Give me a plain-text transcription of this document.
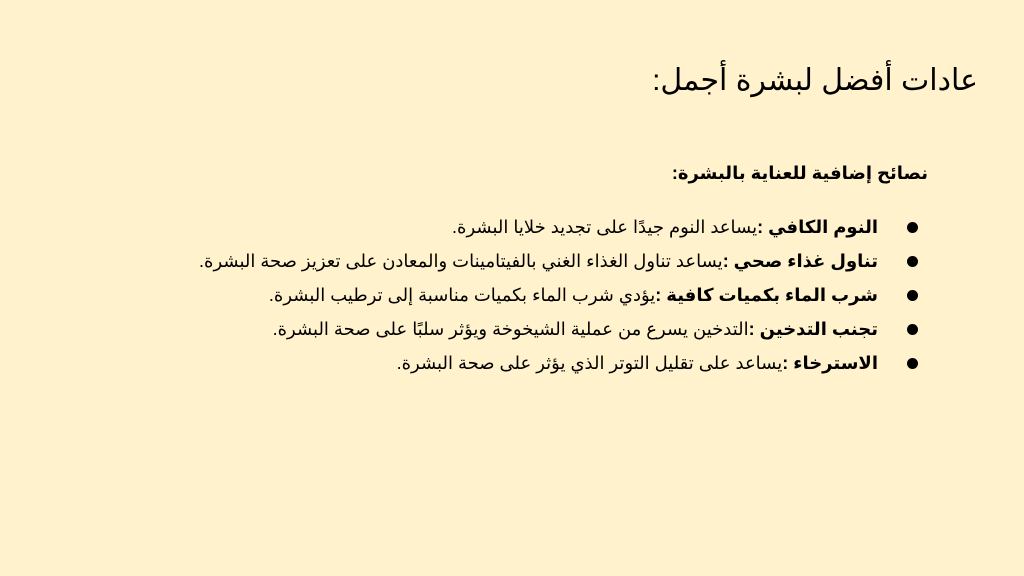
عادات أفضل لبشرة أجمل:
نصائح إضافية للعناية بالبشرة:
النوم الكافي :يساعد النوم جيدًا على تجديد خلايا البشرة.
تناول غذاء صحي :يساعد تناول الغذاء الغني بالفيتامينات والمعادن على تعزيز صحة البشرة.
شرب الماء بكميات كافية :يؤدي شرب الماء بكميات مناسبة إلى ترطيب البشرة.
تجنب التدخين :التدخين يسرع من عملية الشيخوخة ويؤثر سلبًا على صحة البشرة.
الاسترخاء :يساعد على تقليل التوتر الذي يؤثر على صحة البشرة.
